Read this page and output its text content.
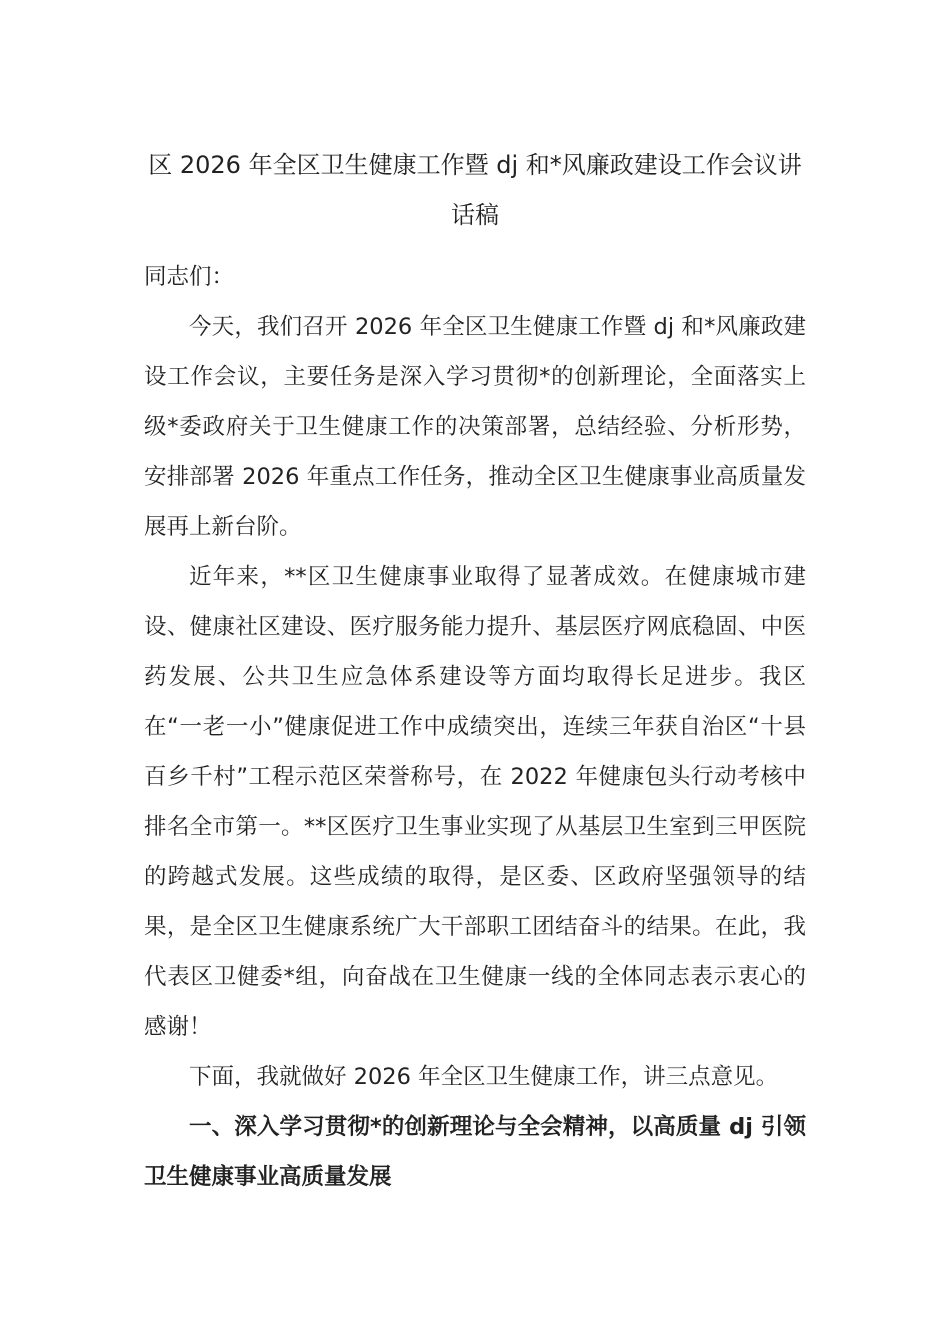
区 2026 年全区卫生健康工作暨 dj 和*风廉政建设工作会议讲话稿

同志们：

今天，我们召开 2026 年全区卫生健康工作暨 dj 和*风廉政建设工作会议，主要任务是深入学习贯彻*的创新理论，全面落实上级*委政府关于卫生健康工作的决策部署，总结经验、分析形势，安排部署 2026 年重点工作任务，推动全区卫生健康事业高质量发展再上新台阶。

近年来，**区卫生健康事业取得了显著成效。在健康城市建设、健康社区建设、医疗服务能力提升、基层医疗网底稳固、中医药发展、公共卫生应急体系建设等方面均取得长足进步。我区在“一老一小”健康促进工作中成绩突出，连续三年获自治区“十县百乡千村”工程示范区荣誉称号，在 2022 年健康包头行动考核中排名全市第一。**区医疗卫生事业实现了从基层卫生室到三甲医院的跨越式发展。这些成绩的取得，是区委、区政府坚强领导的结果，是全区卫生健康系统广大干部职工团结奋斗的结果。在此，我代表区卫健委*组，向奋战在卫生健康一线的全体同志表示衷心的感谢！

下面，我就做好 2026 年全区卫生健康工作，讲三点意见。

一、深入学习贯彻*的创新理论与全会精神，以高质量 dj 引领卫生健康事业高质量发展
